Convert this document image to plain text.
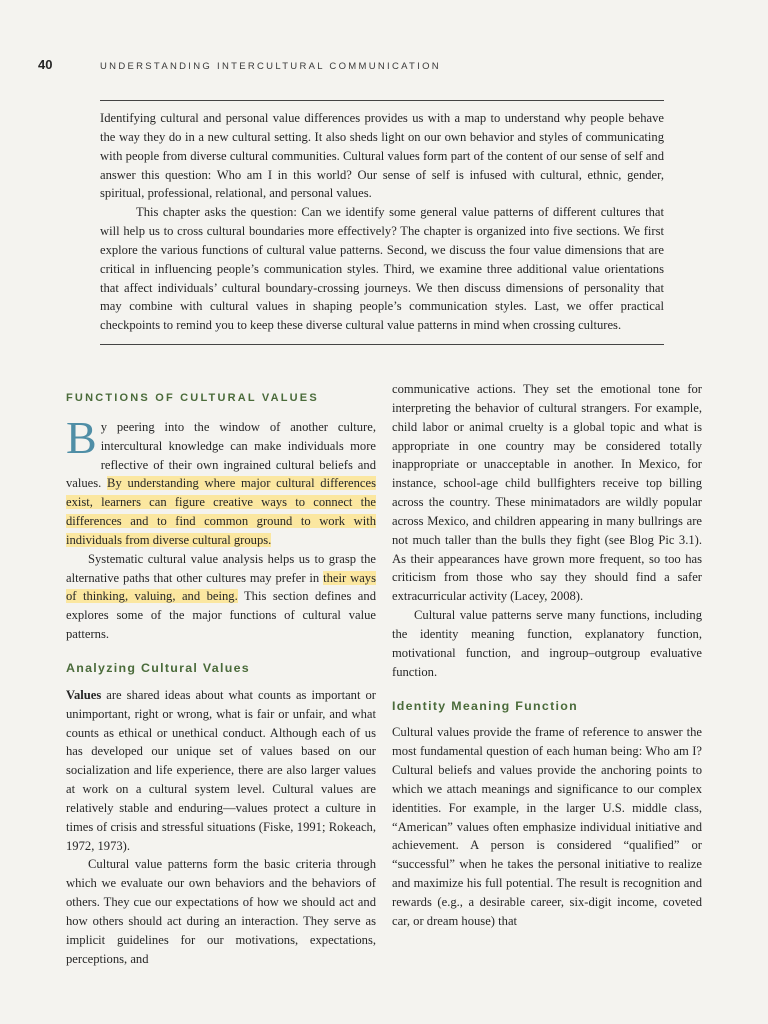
40	UNDERSTANDING INTERCULTURAL COMMUNICATION

Identifying cultural and personal value differences provides us with a map to understand why people behave the way they do in a new cultural setting. It also sheds light on our own behavior and styles of communicating with people from diverse cultural communities. Cultural values form part of the content of our sense of self and answer this question: Who am I in this world? Our sense of self is infused with cultural, ethnic, gender, spiritual, professional, relational, and personal values.

This chapter asks the question: Can we identify some general value patterns of different cultures that will help us to cross cultural boundaries more effectively? The chapter is organized into five sections. We first explore the various functions of cultural value patterns. Second, we discuss the four value dimensions that are critical in influencing people’s communication styles. Third, we examine three additional value orientations that affect individuals’ cultural boundary-crossing journeys. We then discuss dimensions of personality that may combine with cultural values in shaping people’s communication styles. Last, we offer practical checkpoints to remind you to keep these diverse cultural value patterns in mind when crossing cultures.

FUNCTIONS OF CULTURAL VALUES

By peering into the window of another culture, intercultural knowledge can make individuals more reflective of their own ingrained cultural beliefs and values. By understanding where major cultural differences exist, learners can figure creative ways to connect the differences and to find common ground to work with individuals from diverse cultural groups.

Systematic cultural value analysis helps us to grasp the alternative paths that other cultures may prefer in their ways of thinking, valuing, and being. This section defines and explores some of the major functions of cultural value patterns.

Analyzing Cultural Values

Values are shared ideas about what counts as important or unimportant, right or wrong, what is fair or unfair, and what counts as ethical or unethical conduct. Although each of us has developed our unique set of values based on our socialization and life experience, there are also larger values at work on a cultural system level. Cultural values are relatively stable and enduring—values protect a culture in times of crisis and stressful situations (Fiske, 1991; Rokeach, 1972, 1973).

Cultural value patterns form the basic criteria through which we evaluate our own behaviors and the behaviors of others. They cue our expectations of how we should act and how others should act during an interaction. They serve as implicit guidelines for our motivations, expectations, perceptions, and

communicative actions. They set the emotional tone for interpreting the behavior of cultural strangers. For example, child labor or animal cruelty is a global topic and what is appropriate in one country may be considered totally inappropriate or unacceptable in another. In Mexico, for instance, school-age child bullfighters receive top billing across the country. These minimatadors are wildly popular across Mexico, and children appearing in many bullrings are not much taller than the bulls they fight (see Blog Pic 3.1). As their appearances have grown more frequent, so too has criticism from those who say they should find a safer extracurricular activity (Lacey, 2008).

Cultural value patterns serve many functions, including the identity meaning function, explanatory function, motivational function, and ingroup–outgroup evaluative function.

Identity Meaning Function

Cultural values provide the frame of reference to answer the most fundamental question of each human being: Who am I? Cultural beliefs and values provide the anchoring points to which we attach meanings and significance to our complex identities. For example, in the larger U.S. middle class, “American” values often emphasize individual initiative and achievement. A person is considered “qualified” or “successful” when he takes the personal initiative to realize and maximize his full potential. The result is recognition and rewards (e.g., a desirable career, six-digit income, coveted car, or dream house) that
